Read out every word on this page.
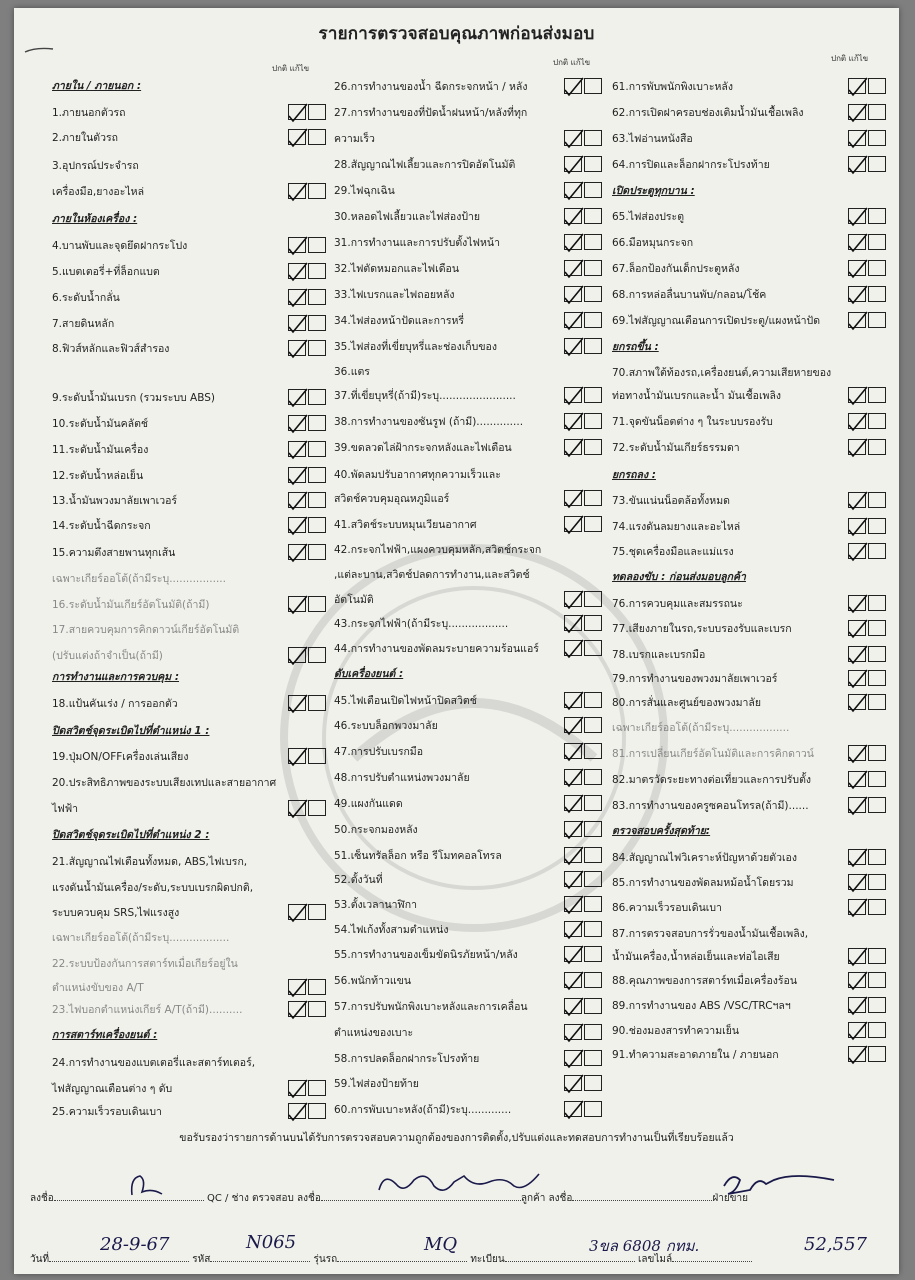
รายการตรวจสอบคุณภาพก่อนส่งมอบ
ปกติ แก้ไข
ปกติ แก้ไข	ปกติ แก้ไข
ภายใน / ภายนอก :
1.ภายนอกตัวรถ
2.ภายในตัวรถ
3.อุปกรณ์ประจำรถ
เครื่องมือ,ยางอะไหล่
ภายในห้องเครื่อง :
4.บานพับและจุดยึดฝากระโปง
5.แบตเตอรี่+ที่ล็อกแบต
6.ระดับน้ำกลั่น
7.สายดินหลัก
8.ฟิวส์หลักและฟิวส์สำรอง
9.ระดับน้ำมันเบรก (รวมระบบ ABS)
10.ระดับน้ำมันคลัตช์
11.ระดับน้ำมันเครื่อง
12.ระดับน้ำหล่อเย็น
13.น้ำมันพวงมาลัยเพาเวอร์
14.ระดับน้ำฉีดกระจก
15.ความตึงสายพานทุกเส้น
เฉพาะเกียร์ออโต้(ถ้ามีระบุ.................
16.ระดับน้ำมันเกียร์อัตโนมัติ(ถ้ามี)
17.สายควบคุมการคิกดาวน์เกียร์อัตโนมัติ
(ปรับแต่งถ้าจำเป็น(ถ้ามี)
การทำงานและการควบคุม :
18.แป้นคันเร่ง / การออกตัว
ปิดสวิตช์จุดระเบิดไปที่ตำแหน่ง 1 :
19.ปุ่มON/OFFเครื่องเล่นเสียง
20.ประสิทธิภาพของระบบเสียงเทปและสายอากาศ
ไฟฟ้า
ปิดสวิตช์จุดระเบิดไปที่ตำแหน่ง 2 :
21.สัญญาณไฟเตือนทั้งหมด, ABS,ไฟเบรก,
แรงดันน้ำมันเครื่อง/ระดับ,ระบบเบรกผิดปกติ,
ระบบควบคุม SRS,ไฟแรงสูง
เฉพาะเกียร์ออโต้(ถ้ามีระบุ..................
22.ระบบป้องกันการสตาร์ทเมื่อเกียร์อยู่ใน
ตำแหน่งขับของ A/T
23.ไฟบอกตำแหน่งเกียร์ A/T(ถ้ามี)..........
การสตาร์ทเครื่องยนต์ :
24.การทำงานของแบตเตอรี่และสตาร์ทเตอร์,
ไฟสัญญาณเตือนต่าง ๆ ดับ
25.ความเร็วรอบเดินเบา
26.การทำงานของน้ำ ฉีดกระจกหน้า / หลัง
27.การทำงานของที่ปัดน้ำฝนหน้า/หลังที่ทุก
ความเร็ว
28.สัญญาณไฟเลี้ยวและการปิดอัตโนมัติ
29.ไฟฉุกเฉิน
30.หลอดไฟเลี้ยวและไฟส่องป้าย
31.การทำงานและการปรับตั้งไฟหน้า
32.ไฟตัดหมอกและไฟเดือน
33.ไฟเบรกและไฟถอยหลัง
34.ไฟส่องหน้าปัดและการหรี่
35.ไฟส่องที่เขี่ยบุหรี่และช่องเก็บของ
36.แตร
37.ที่เขี่ยบุหรี่(ถ้ามี)ระบุ.......................
38.การทำงานของซันรูฟ (ถ้ามี)..............
39.ขดลวดไล่ฝ้ากระจกหลังและไฟเตือน
40.พัดลมปรับอากาศทุกความเร็วและ
สวิตช์ควบคุมอุณหภูมิแอร์
41.สวิตช์ระบบหมุนเวียนอากาศ
42.กระจกไฟฟ้า,แผงควบคุมหลัก,สวิตช์กระจก
,แต่ละบาน,สวิตช์ปลดการทำงาน,และสวิตช์
อัตโนมัติ
43.กระจกไฟฟ้า(ถ้ามีระบุ..................
44.การทำงานของพัดลมระบายความร้อนแอร์
ดับเครื่องยนต์ :
45.ไฟเตือนเปิดไฟหน้าปิดสวิตช์
46.ระบบล็อกพวงมาลัย
47.การปรับเบรกมือ
48.การปรับตำแหน่งพวงมาลัย
49.แผงกันแดด
50.กระจกมองหลัง
51.เซ็นทรัลล็อก หรือ รีโมทคอลโทรล
52.ตั้งวันที่
53.ตั้งเวลานาฬิกา
54.ไฟเก้งทั้งสามตำแหน่ง
55.การทำงานของเข็มขัดนิรภัยหน้า/หลัง
56.พนักท้าวแขน
57.การปรับพนักพิงเบาะหลังและการเคลื่อน
ตำแหน่งของเบาะ
58.การปลดล็อกฝากระโปรงท้าย
59.ไฟส่องป้ายท้าย
60.การพับเบาะหลัง(ถ้ามี)ระบุ.............
61.การพับพนักพิงเบาะหลัง
62.การเปิดฝาครอบช่องเติมน้ำมันเชื้อเพลิง
63.ไฟอ่านหนังสือ
64.การปิดและล็อกฝากระโปรงท้าย
เปิดประตูทุกบาน :
65.ไฟส่องประตู
66.มือหมุนกระจก
67.ล็อกป้องกันเด็กประตูหลัง
68.การหล่อลื่นบานพับ/กลอน/โช้ค
69.ไฟสัญญาณเตือนการเปิดประตู/แผงหน้าปัด
ยกรถขึ้น :
70.สภาพใต้ท้องรถ,เครื่องยนต์,ความเสียหายของ
ท่อทางน้ำมันเบรกและน้ำ มันเชื้อเพลิง
71.จุดขันน็อตต่าง ๆ ในระบบรองรับ
72.ระดับน้ำมันเกียร์ธรรมดา
ยกรถลง :
73.ขันแน่นน็อตล้อทั้งหมด
74.แรงดันลมยางและอะไหล่
75.ชุดเครื่องมือและแม่แรง
ทดลองขับ : ก่อนส่งมอบลูกค้า
76.การควบคุมและสมรรถนะ
77.เสียงภายในรถ,ระบบรองรับและเบรก
78.เบรกและเบรกมือ
79.การทำงานของพวงมาลัยเพาเวอร์
80.การสั่นและศูนย์ของพวงมาลัย
เฉพาะเกียร์ออโต้(ถ้ามีระบุ..................
81.การเปลี่ยนเกียร์อัตโนมัติและการคิกดาวน์
82.มาตรวัดระยะทางต่อเที่ยวและการปรับตั้ง
83.การทำงานของครูซคอนโทรล(ถ้ามี)......
ตรวจสอบครั้งสุดท้าย:
84.สัญญาณไฟวิเคราะห์ปัญหาด้วยตัวเอง
85.การทำงานของพัดลมหม้อน้ำโดยรวม
86.ความเร็วรอบเดินเบา
87.การตรวจสอบการรั่วของน้ำมันเชื้อเพลิง,
น้ำมันเครื่อง,น้ำหล่อเย็นและท่อไอเสีย
88.คุณภาพของการสตาร์ทเมื่อเครื่องร้อน
89.การทำงานของ ABS /VSC/TRCฯลฯ
90.ช่องมองสารทำความเย็น
91.ทำความสะอาดภายใน / ภายนอก
ขอรับรองว่ารายการด้านบนได้รับการตรวจสอบความถูกต้องของการติดตั้ง,ปรับแต่งและทดสอบการทำงานเป็นที่เรียบร้อยแล้ว
ลงชื่อ	QC / ช่าง ตรวจสอบ ลงชื่อ	ลูกค้า ลงชื่อ	ฝ่ายขาย
วันที่	รหัส	รุ่นรถ	ทะเบียน	เลขไมล์
28-9-67	N065	MQ	3ขล 6808 กทม.	52,557
